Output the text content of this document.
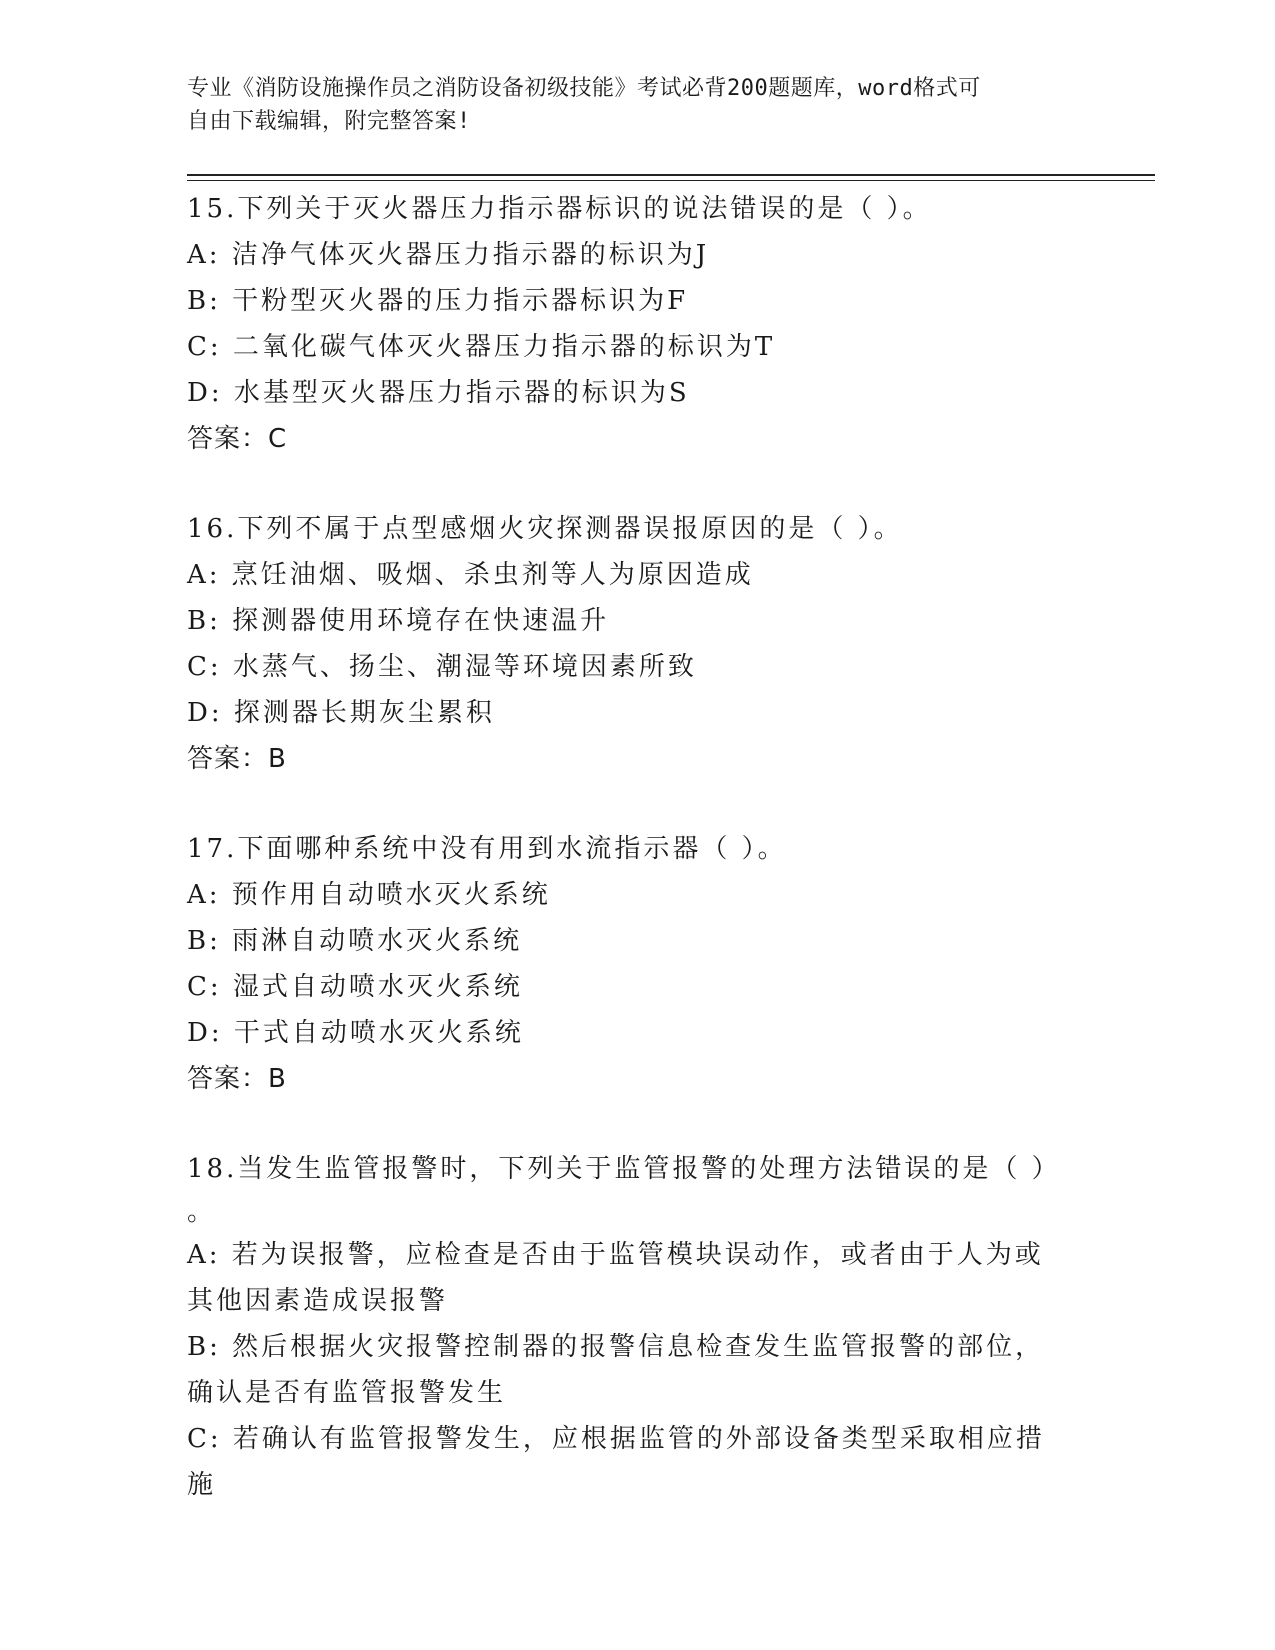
专业《消防设施操作员之消防设备初级技能》考试必背200题题库，word格式可
自由下载编辑，附完整答案!
15.下列关于灭火器压力指示器标识的说法错误的是（ ）。
A: 洁净气体灭火器压力指示器的标识为J
B: 干粉型灭火器的压力指示器标识为F
C: 二氧化碳气体灭火器压力指示器的标识为T
D: 水基型灭火器压力指示器的标识为S
答案：C
16.下列不属于点型感烟火灾探测器误报原因的是（ ）。
A: 烹饪油烟、吸烟、杀虫剂等人为原因造成
B: 探测器使用环境存在快速温升
C: 水蒸气、扬尘、潮湿等环境因素所致
D: 探测器长期灰尘累积
答案：B
17.下面哪种系统中没有用到水流指示器（ ）。
A: 预作用自动喷水灭火系统
B: 雨淋自动喷水灭火系统
C: 湿式自动喷水灭火系统
D: 干式自动喷水灭火系统
答案：B
18.当发生监管报警时，下列关于监管报警的处理方法错误的是（ ）
。
A: 若为误报警，应检查是否由于监管模块误动作，或者由于人为或其他因素造成误报警
B: 然后根据火灾报警控制器的报警信息检查发生监管报警的部位，确认是否有监管报警发生
C: 若确认有监管报警发生，应根据监管的外部设备类型采取相应措施
